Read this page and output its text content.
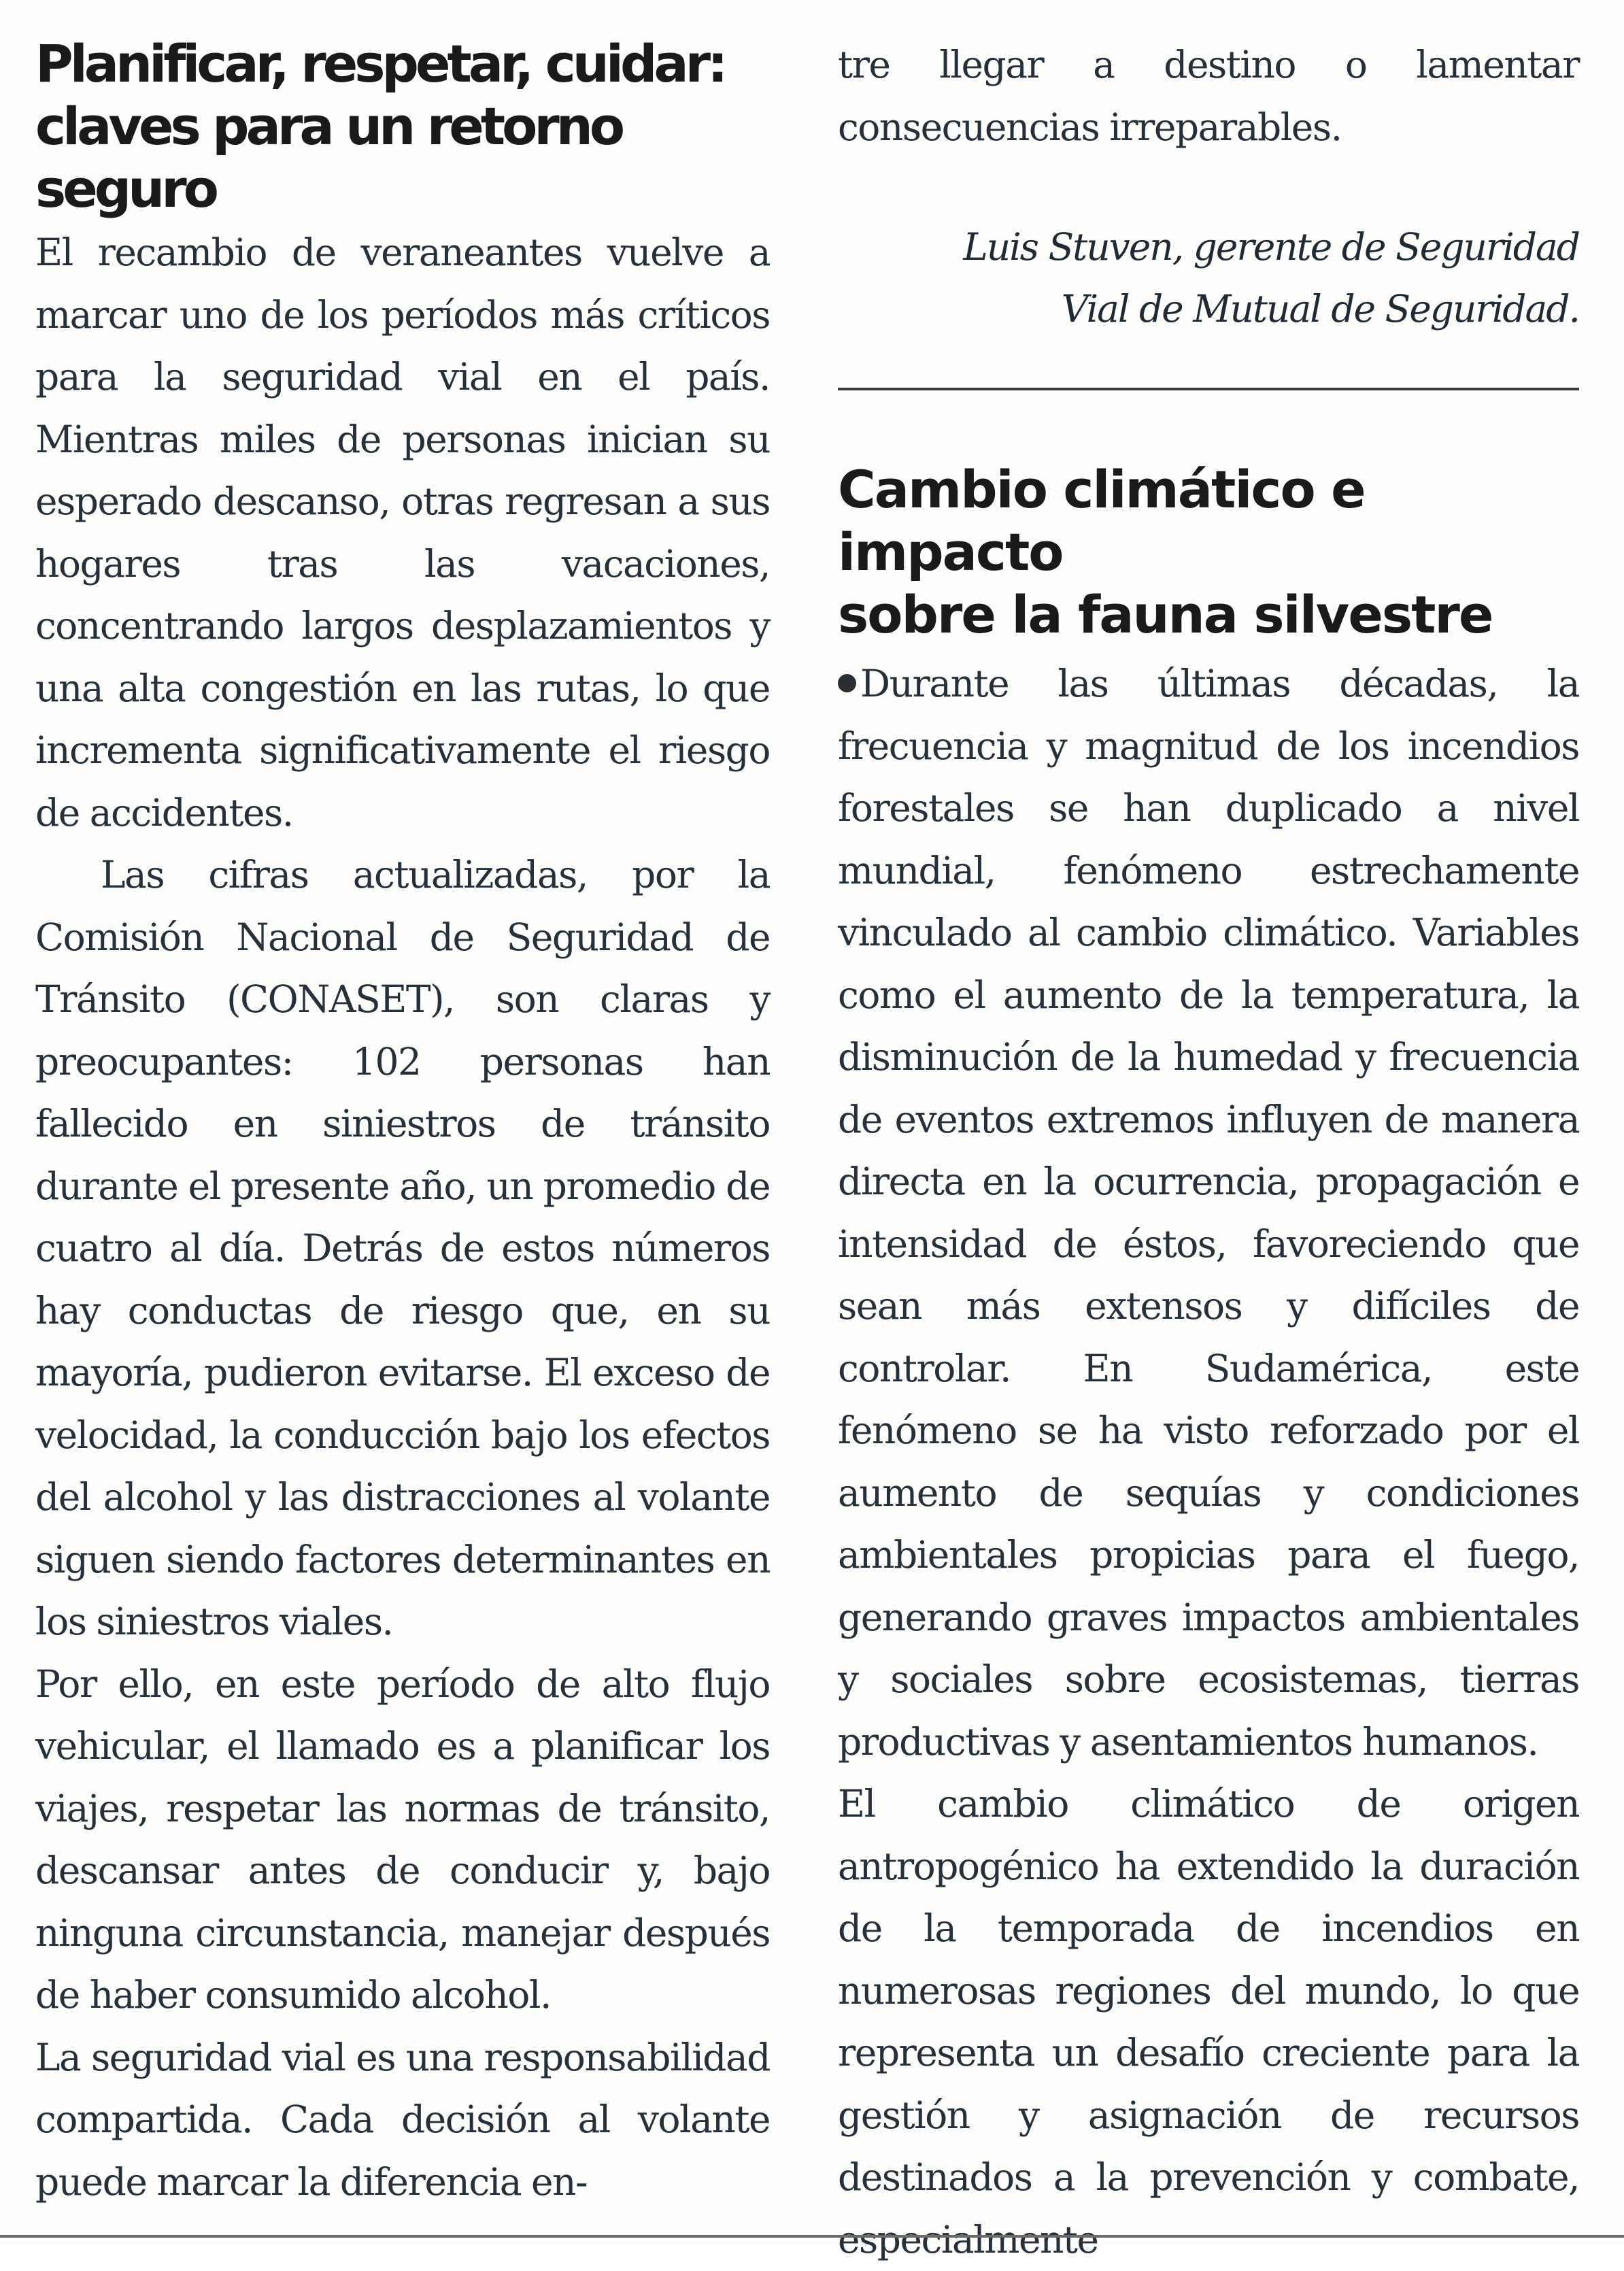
Planificar, respetar, cuidar:
claves para un retorno seguro

El recambio de veraneantes vuelve a marcar uno de los períodos más críticos para la seguridad vial en el país. Mientras miles de personas inician su esperado descanso, otras regresan a sus hogares tras las vacaciones, concentrando largos desplazamientos y una alta congestión en las rutas, lo que incrementa significativamente el riesgo de accidentes.

Las cifras actualizadas, por la Comisión Nacional de Seguridad de Tránsito (CONASET), son claras y preocupantes: 102 personas han fallecido en siniestros de tránsito durante el presente año, un promedio de cuatro al día. Detrás de estos números hay conductas de riesgo que, en su mayoría, pudieron evitarse. El exceso de velocidad, la conducción bajo los efectos del alcohol y las distracciones al volante siguen siendo factores determinantes en los siniestros viales.

Por ello, en este período de alto flujo vehicular, el llamado es a planificar los viajes, respetar las normas de tránsito, descansar antes de conducir y, bajo ninguna circunstancia, manejar después de haber consumido alcohol.

La seguridad vial es una responsabilidad compartida. Cada decisión al volante puede marcar la diferencia en-

tre llegar a destino o lamentar consecuencias irreparables.

Luis Stuven, gerente de Seguridad
Vial de Mutual de Seguridad.
Cambio climático e impacto
sobre la fauna silvestre

Durante las últimas décadas, la frecuencia y magnitud de los incendios forestales se han duplicado a nivel mundial, fenómeno estrechamente vinculado al cambio climático. Variables como el aumento de la temperatura, la disminución de la humedad y frecuencia de eventos extremos influyen de manera directa en la ocurrencia, propagación e intensidad de éstos, favoreciendo que sean más extensos y difíciles de controlar. En Sudamérica, este fenómeno se ha visto reforzado por el aumento de sequías y condiciones ambientales propicias para el fuego, generando graves impactos ambientales y sociales sobre ecosistemas, tierras productivas y asentamientos humanos.

El cambio climático de origen antropogénico ha extendido la duración de la temporada de incendios en numerosas regiones del mundo, lo que representa un desafío creciente para la gestión y asignación de recursos destinados a la prevención y combate, especialmente
